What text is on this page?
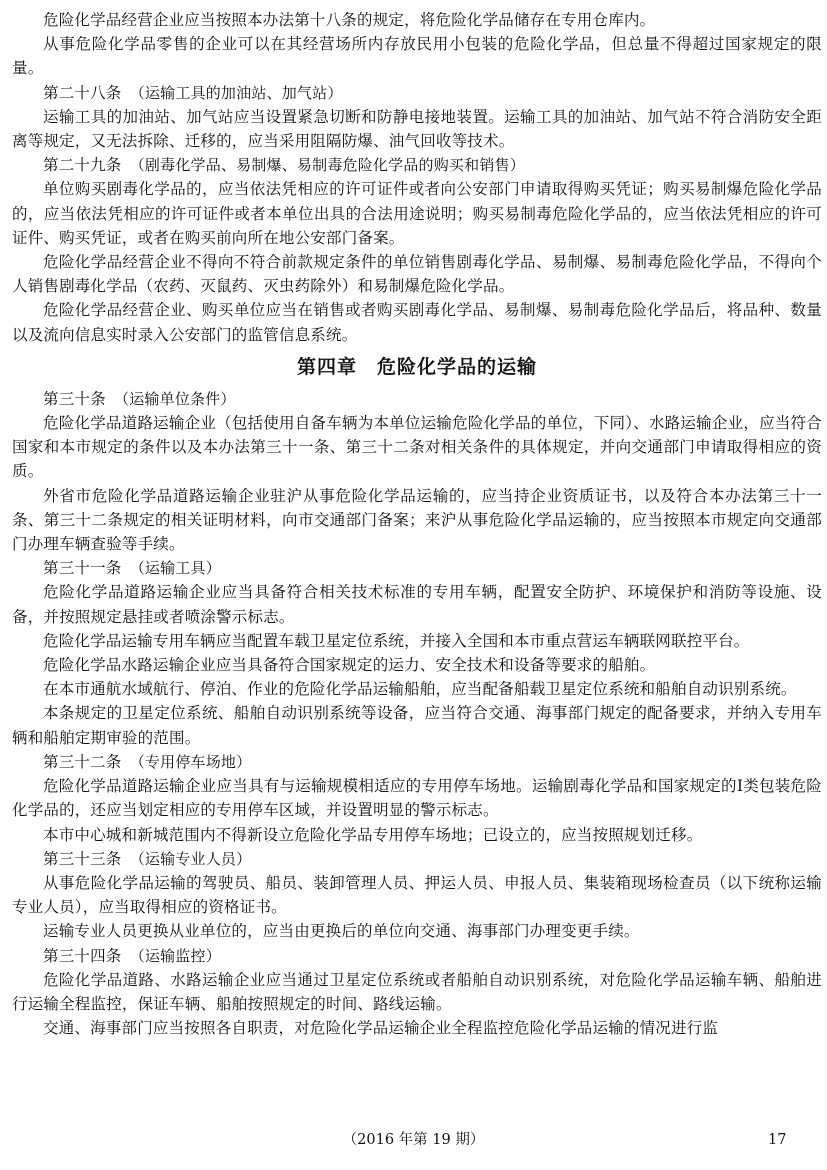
危险化学品经营企业应当按照本办法第十八条的规定，将危险化学品储存在专用仓库内。

从事危险化学品零售的企业可以在其经营场所内存放民用小包装的危险化学品，但总量不得超过国家规定的限量。

第二十八条　 （运输工具的加油站、加气站）

运输工具的加油站、加气站应当设置紧急切断和防静电接地装置。运输工具的加油站、加气站不符合消防安全距离等规定，又无法拆除、迁移的，应当采用阻隔防爆、油气回收等技术。

第二十九条　 （剧毒化学品、易制爆、易制毒危险化学品的购买和销售）

单位购买剧毒化学品的，应当依法凭相应的许可证件或者向公安部门申请取得购买凭证；购买易制爆危险化学品的，应当依法凭相应的许可证件或者本单位出具的合法用途说明；购买易制毒危险化学品的，应当依法凭相应的许可证件、购买凭证，或者在购买前向所在地公安部门备案。

危险化学品经营企业不得向不符合前款规定条件的单位销售剧毒化学品、易制爆、易制毒危险化学品，不得向个人销售剧毒化学品（农药、灭鼠药、灭虫药除外）和易制爆危险化学品。

危险化学品经营企业、购买单位应当在销售或者购买剧毒化学品、易制爆、易制毒危险化学品后，将品种、数量以及流向信息实时录入公安部门的监管信息系统。

第四章　危险化学品的运输

第三十条　 （运输单位条件）

危险化学品道路运输企业（包括使用自备车辆为本单位运输危险化学品的单位，下同）、水路运输企业，应当符合国家和本市规定的条件以及本办法第三十一条、第三十二条对相关条件的具体规定，并向交通部门申请取得相应的资质。

外省市危险化学品道路运输企业驻沪从事危险化学品运输的，应当持企业资质证书，以及符合本办法第三十一条、第三十二条规定的相关证明材料，向市交通部门备案；来沪从事危险化学品运输的，应当按照本市规定向交通部门办理车辆查验等手续。

第三十一条　 （运输工具）

危险化学品道路运输企业应当具备符合相关技术标准的专用车辆，配置安全防护、环境保护和消防等设施、设备，并按照规定悬挂或者喷涂警示标志。

危险化学品运输专用车辆应当配置车载卫星定位系统，并接入全国和本市重点营运车辆联网联控平台。

危险化学品水路运输企业应当具备符合国家规定的运力、安全技术和设备等要求的船舶。

在本市通航水域航行、停泊、作业的危险化学品运输船舶，应当配备船载卫星定位系统和船舶自动识别系统。

本条规定的卫星定位系统、船舶自动识别系统等设备，应当符合交通、海事部门规定的配备要求，并纳入专用车辆和船舶定期审验的范围。

第三十二条　 （专用停车场地）

危险化学品道路运输企业应当具有与运输规模相适应的专用停车场地。运输剧毒化学品和国家规定的Ⅰ类包装危险化学品的，还应当划定相应的专用停车区域，并设置明显的警示标志。

本市中心城和新城范围内不得新设立危险化学品专用停车场地；已设立的，应当按照规划迁移。

第三十三条　 （运输专业人员）

从事危险化学品运输的驾驶员、船员、装卸管理人员、押运人员、申报人员、集装箱现场检查员（以下统称运输专业人员），应当取得相应的资格证书。

运输专业人员更换从业单位的，应当由更换后的单位向交通、海事部门办理变更手续。

第三十四条　 （运输监控）

危险化学品道路、水路运输企业应当通过卫星定位系统或者船舶自动识别系统，对危险化学品运输车辆、船舶进行运输全程监控，保证车辆、船舶按照规定的时间、路线运输。

交通、海事部门应当按照各自职责，对危险化学品运输企业全程监控危险化学品运输的情况进行监

（2016 年第 19 期）	17
